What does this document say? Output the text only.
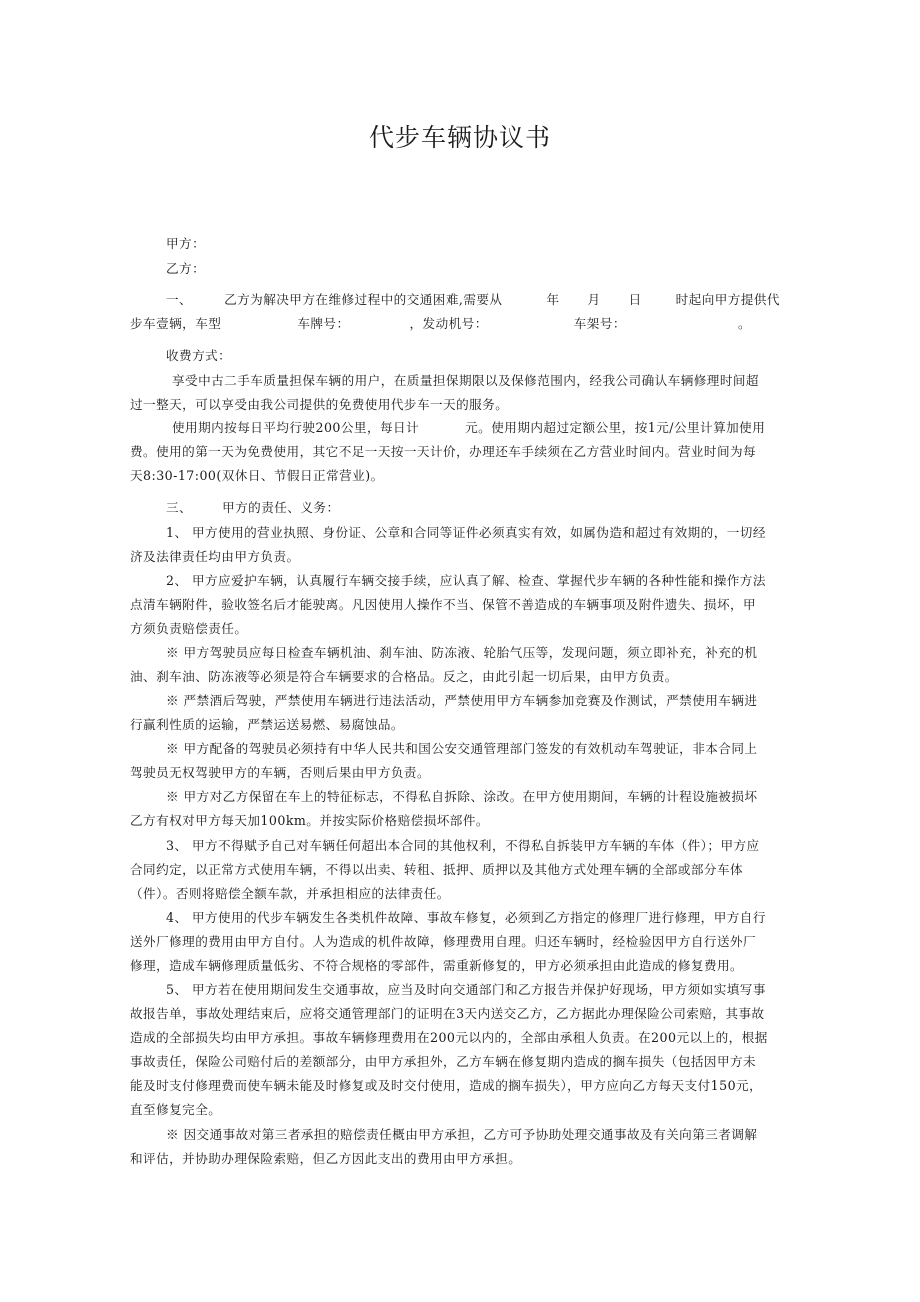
代步车辆协议书
甲方：
乙方：
一、	乙方为解决甲方在维修过程中的交通困难,需要从	年 月 日	时起向甲方提供代
步车壹辆，车型	车牌号：	，发动机号：	车架号：	。
收费方式：
享受中古二手车质量担保车辆的用户，在质量担保期限以及保修范围内，经我公司确认车辆修理时间超
过一整天，可以享受由我公司提供的免费使用代步车一天的服务。
使用期内按每日平均行驶200公里，每日计	元。使用期内超过定额公里，按1元/公里计算加使用
费。使用的第一天为免费使用，其它不足一天按一天计价，办理还车手续须在乙方营业时间内。营业时间为每
天8:30-17:00(双休日、节假日正常营业)。
三、 甲方的责任、义务：
1、 甲方使用的营业执照、身份证、公章和合同等证件必须真实有效，如属伪造和超过有效期的，一切经
济及法律责任均由甲方负责。
2、 甲方应爱护车辆，认真履行车辆交接手续，应认真了解、检查、掌握代步车辆的各种性能和操作方法
点清车辆附件，验收签名后才能驶离。凡因使用人操作不当、保管不善造成的车辆事项及附件遗失、损坏，甲
方须负责赔偿责任。
※ 甲方驾驶员应每日检查车辆机油、刹车油、防冻液、轮胎气压等，发现问题，须立即补充，补充的机
油、刹车油、防冻液等必须是符合车辆要求的合格品。反之，由此引起一切后果，由甲方负责。
※ 严禁酒后驾驶，严禁使用车辆进行违法活动，严禁使用甲方车辆参加竞赛及作测试，严禁使用车辆进
行赢利性质的运输，严禁运送易燃、易腐蚀品。
※ 甲方配备的驾驶员必须持有中华人民共和国公安交通管理部门签发的有效机动车驾驶证，非本合同上
驾驶员无权驾驶甲方的车辆，否则后果由甲方负责。
※ 甲方对乙方保留在车上的特征标志，不得私自拆除、涂改。在甲方使用期间，车辆的计程设施被损坏
乙方有权对甲方每天加100km。并按实际价格赔偿损坏部件。
3、 甲方不得赋予自己对车辆任何超出本合同的其他权利，不得私自拆装甲方车辆的车体（件）；甲方应
合同约定，以正常方式使用车辆，不得以出卖、转租、抵押、质押以及其他方式处理车辆的全部或部分车体
（件）。否则将赔偿全额车款，并承担相应的法律责任。
4、 甲方使用的代步车辆发生各类机件故障、事故车修复，必须到乙方指定的修理厂进行修理，甲方自行
送外厂修理的费用由甲方自付。人为造成的机件故障，修理费用自理。归还车辆时，经检验因甲方自行送外厂
修理，造成车辆修理质量低劣、不符合规格的零部件，需重新修复的，甲方必须承担由此造成的修复费用。
5、 甲方若在使用期间发生交通事故，应当及时向交通部门和乙方报告并保护好现场，甲方须如实填写事
故报告单，事故处理结束后，应将交通管理部门的证明在3天内送交乙方，乙方据此办理保险公司索赔，其事故
造成的全部损失均由甲方承担。事故车辆修理费用在200元以内的，全部由承租人负责。在200元以上的，根据
事故责任，保险公司赔付后的差额部分，由甲方承担外，乙方车辆在修复期内造成的搁车损失（包括因甲方未
能及时支付修理费而使车辆未能及时修复或及时交付使用，造成的搁车损失），甲方应向乙方每天支付150元，
直至修复完全。
※ 因交通事故对第三者承担的赔偿责任概由甲方承担，乙方可予协助处理交通事故及有关向第三者调解
和评估，并协助办理保险索赔，但乙方因此支出的费用由甲方承担。
